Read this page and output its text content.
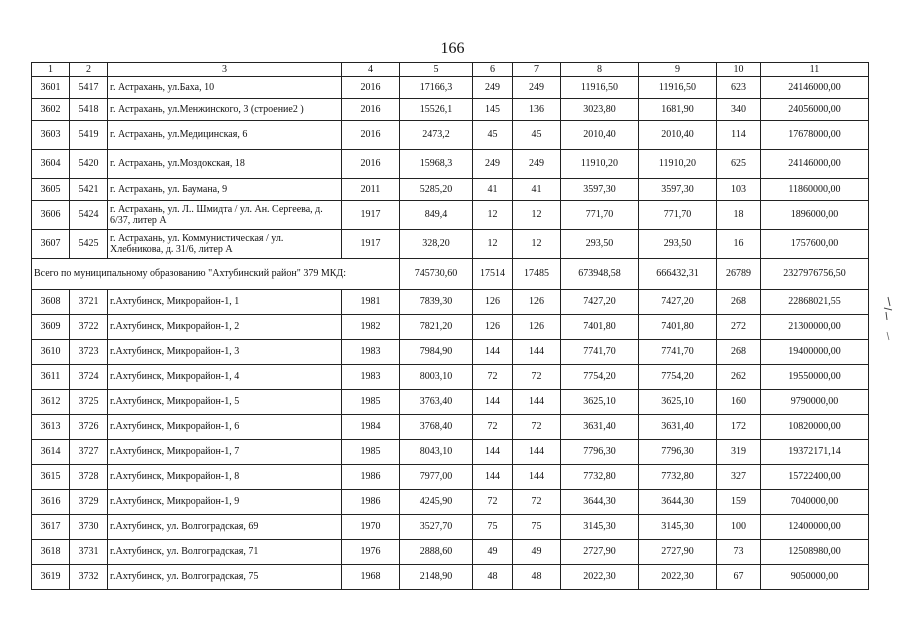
166
1	2	3	4	5	6	7	8	9	10	11
3601	5417	г. Астрахань, ул.Баха, 10	2016	17166,3	249	249	11916,50	11916,50	623	24146000,00
3602	5418	г. Астрахань, ул.Менжинского, 3 (строение2 )	2016	15526,1	145	136	3023,80	1681,90	340	24056000,00
3603	5419	г. Астрахань, ул.Медицинская, 6	2016	2473,2	45	45	2010,40	2010,40	114	17678000,00
3604	5420	г. Астрахань, ул.Моздокская, 18	2016	15968,3	249	249	11910,20	11910,20	625	24146000,00
3605	5421	г. Астрахань, ул. Баумана, 9	2011	5285,20	41	41	3597,30	3597,30	103	11860000,00
3606	5424	г. Астрахань, ул. Л.. Шмидта / ул. Ан. Сергеева, д. 6/37, литер А	1917	849,4	12	12	771,70	771,70	18	1896000,00
3607	5425	г. Астрахань, ул. Коммунистическая / ул. Хлебникова, д. 31/6, литер А	1917	328,20	12	12	293,50	293,50	16	1757600,00
Всего по муниципальному образованию "Ахтубинский район" 379 МКД:				745730,60	17514	17485	673948,58	666432,31	26789	2327976756,50
3608	3721	г.Ахтубинск, Микрорайон-1, 1	1981	7839,30	126	126	7427,20	7427,20	268	22868021,55
3609	3722	г.Ахтубинск, Микрорайон-1, 2	1982	7821,20	126	126	7401,80	7401,80	272	21300000,00
3610	3723	г.Ахтубинск, Микрорайон-1, 3	1983	7984,90	144	144	7741,70	7741,70	268	19400000,00
3611	3724	г.Ахтубинск, Микрорайон-1, 4	1983	8003,10	72	72	7754,20	7754,20	262	19550000,00
3612	3725	г.Ахтубинск, Микрорайон-1, 5	1985	3763,40	144	144	3625,10	3625,10	160	9790000,00
3613	3726	г.Ахтубинск, Микрорайон-1, 6	1984	3768,40	72	72	3631,40	3631,40	172	10820000,00
3614	3727	г.Ахтубинск, Микрорайон-1, 7	1985	8043,10	144	144	7796,30	7796,30	319	19372171,14
3615	3728	г.Ахтубинск, Микрорайон-1, 8	1986	7977,00	144	144	7732,80	7732,80	327	15722400,00
3616	3729	г.Ахтубинск, Микрорайон-1, 9	1986	4245,90	72	72	3644,30	3644,30	159	7040000,00
3617	3730	г.Ахтубинск, ул. Волгоградская, 69	1970	3527,70	75	75	3145,30	3145,30	100	12400000,00
3618	3731	г.Ахтубинск, ул. Волгоградская, 71	1976	2888,60	49	49	2727,90	2727,90	73	12508980,00
3619	3732	г.Ахтубинск, ул. Волгоградская, 75	1968	2148,90	48	48	2022,30	2022,30	67	9050000,00
